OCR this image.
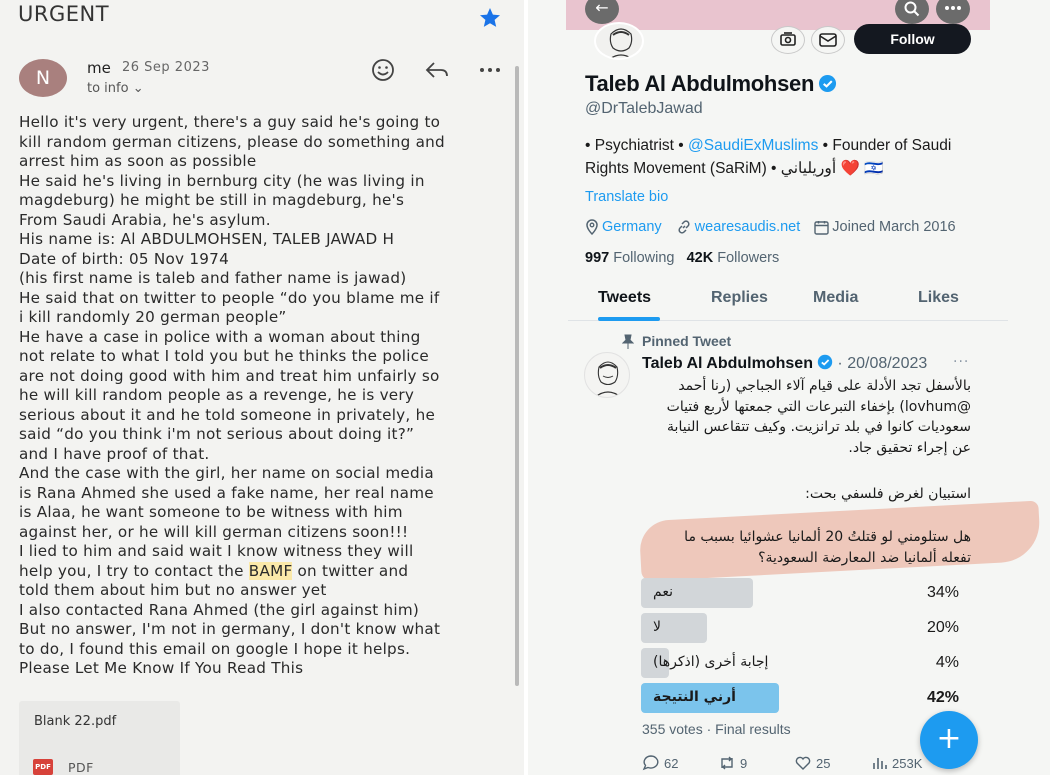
URGENT
N	me 26 Sep 2023
to info ⌄
Hello it's very urgent, there's a guy said he's going to
kill random german citizens, please do something and
arrest him as soon as possible
He said he's living in bernburg city (he was living in
magdeburg) he might be still in magdeburg, he's
From Saudi Arabia, he's asylum.
His name is: Al ABDULMOHSEN, TALEB JAWAD H
Date of birth: 05 Nov 1974
(his first name is taleb and father name is jawad)
He said that on twitter to people “do you blame me if
i kill randomly 20 german people”
He have a case in police with a woman about thing
not relate to what I told you but he thinks the police
are not doing good with him and treat him unfairly so
he will kill random people as a revenge, he is very
serious about it and he told someone in privately, he
said “do you think i'm not serious about doing it?”
and I have proof of that.
And the case with the girl, her name on social media
is Rana Ahmed she used a fake name, her real name
is Alaa, he want someone to be witness with him
against her, or he will kill german citizens soon!!!
I lied to him and said wait I know witness they will
help you, I try to contact the BAMF on twitter and
told them about him but no answer yet
I also contacted Rana Ahmed (the girl against him)
But no answer, I'm not in germany, I don't know what
to do, I found this email on google I hope it helps.
Please Let Me Know If You Read This
Blank 22.pdf
PDF PDF
←
Follow
Taleb Al Abdulmohsen
@DrTalebJawad
• Psychiatrist • @SaudiExMuslims • Founder of Saudi
Rights Movement (SaRiM) • أوريلياني ❤️ 🇮🇱
Translate bio
Germany wearesaudis.net Joined March 2016
997 Following 42K Followers
Tweets	Replies	Media	Likes
Pinned Tweet
Taleb Al Abdulmohsen · 20/08/2023 ···
بالأسفل تجد الأدلة على قيام آلاء الجباجي (رنا أحمد
@lovhum) بإخفاء التبرعات التي جمعتها لأربع فتيات
سعوديات كانوا في بلد ترانزيت. وكيف تتقاعس النيابة
عن إجراء تحقيق جاد.
استبيان لغرض فلسفي بحت:
هل ستلومني لو قتلتُ 20 ألمانيا عشوائيا بسبب ما
تفعله ألمانيا ضد المعارضة السعودية؟
نعم	34%
لا	20%
إجابة أخرى (اذكرها)	4%
أرني النتيجة	42%
355 votes · Final results
62	9	25	253K
+
